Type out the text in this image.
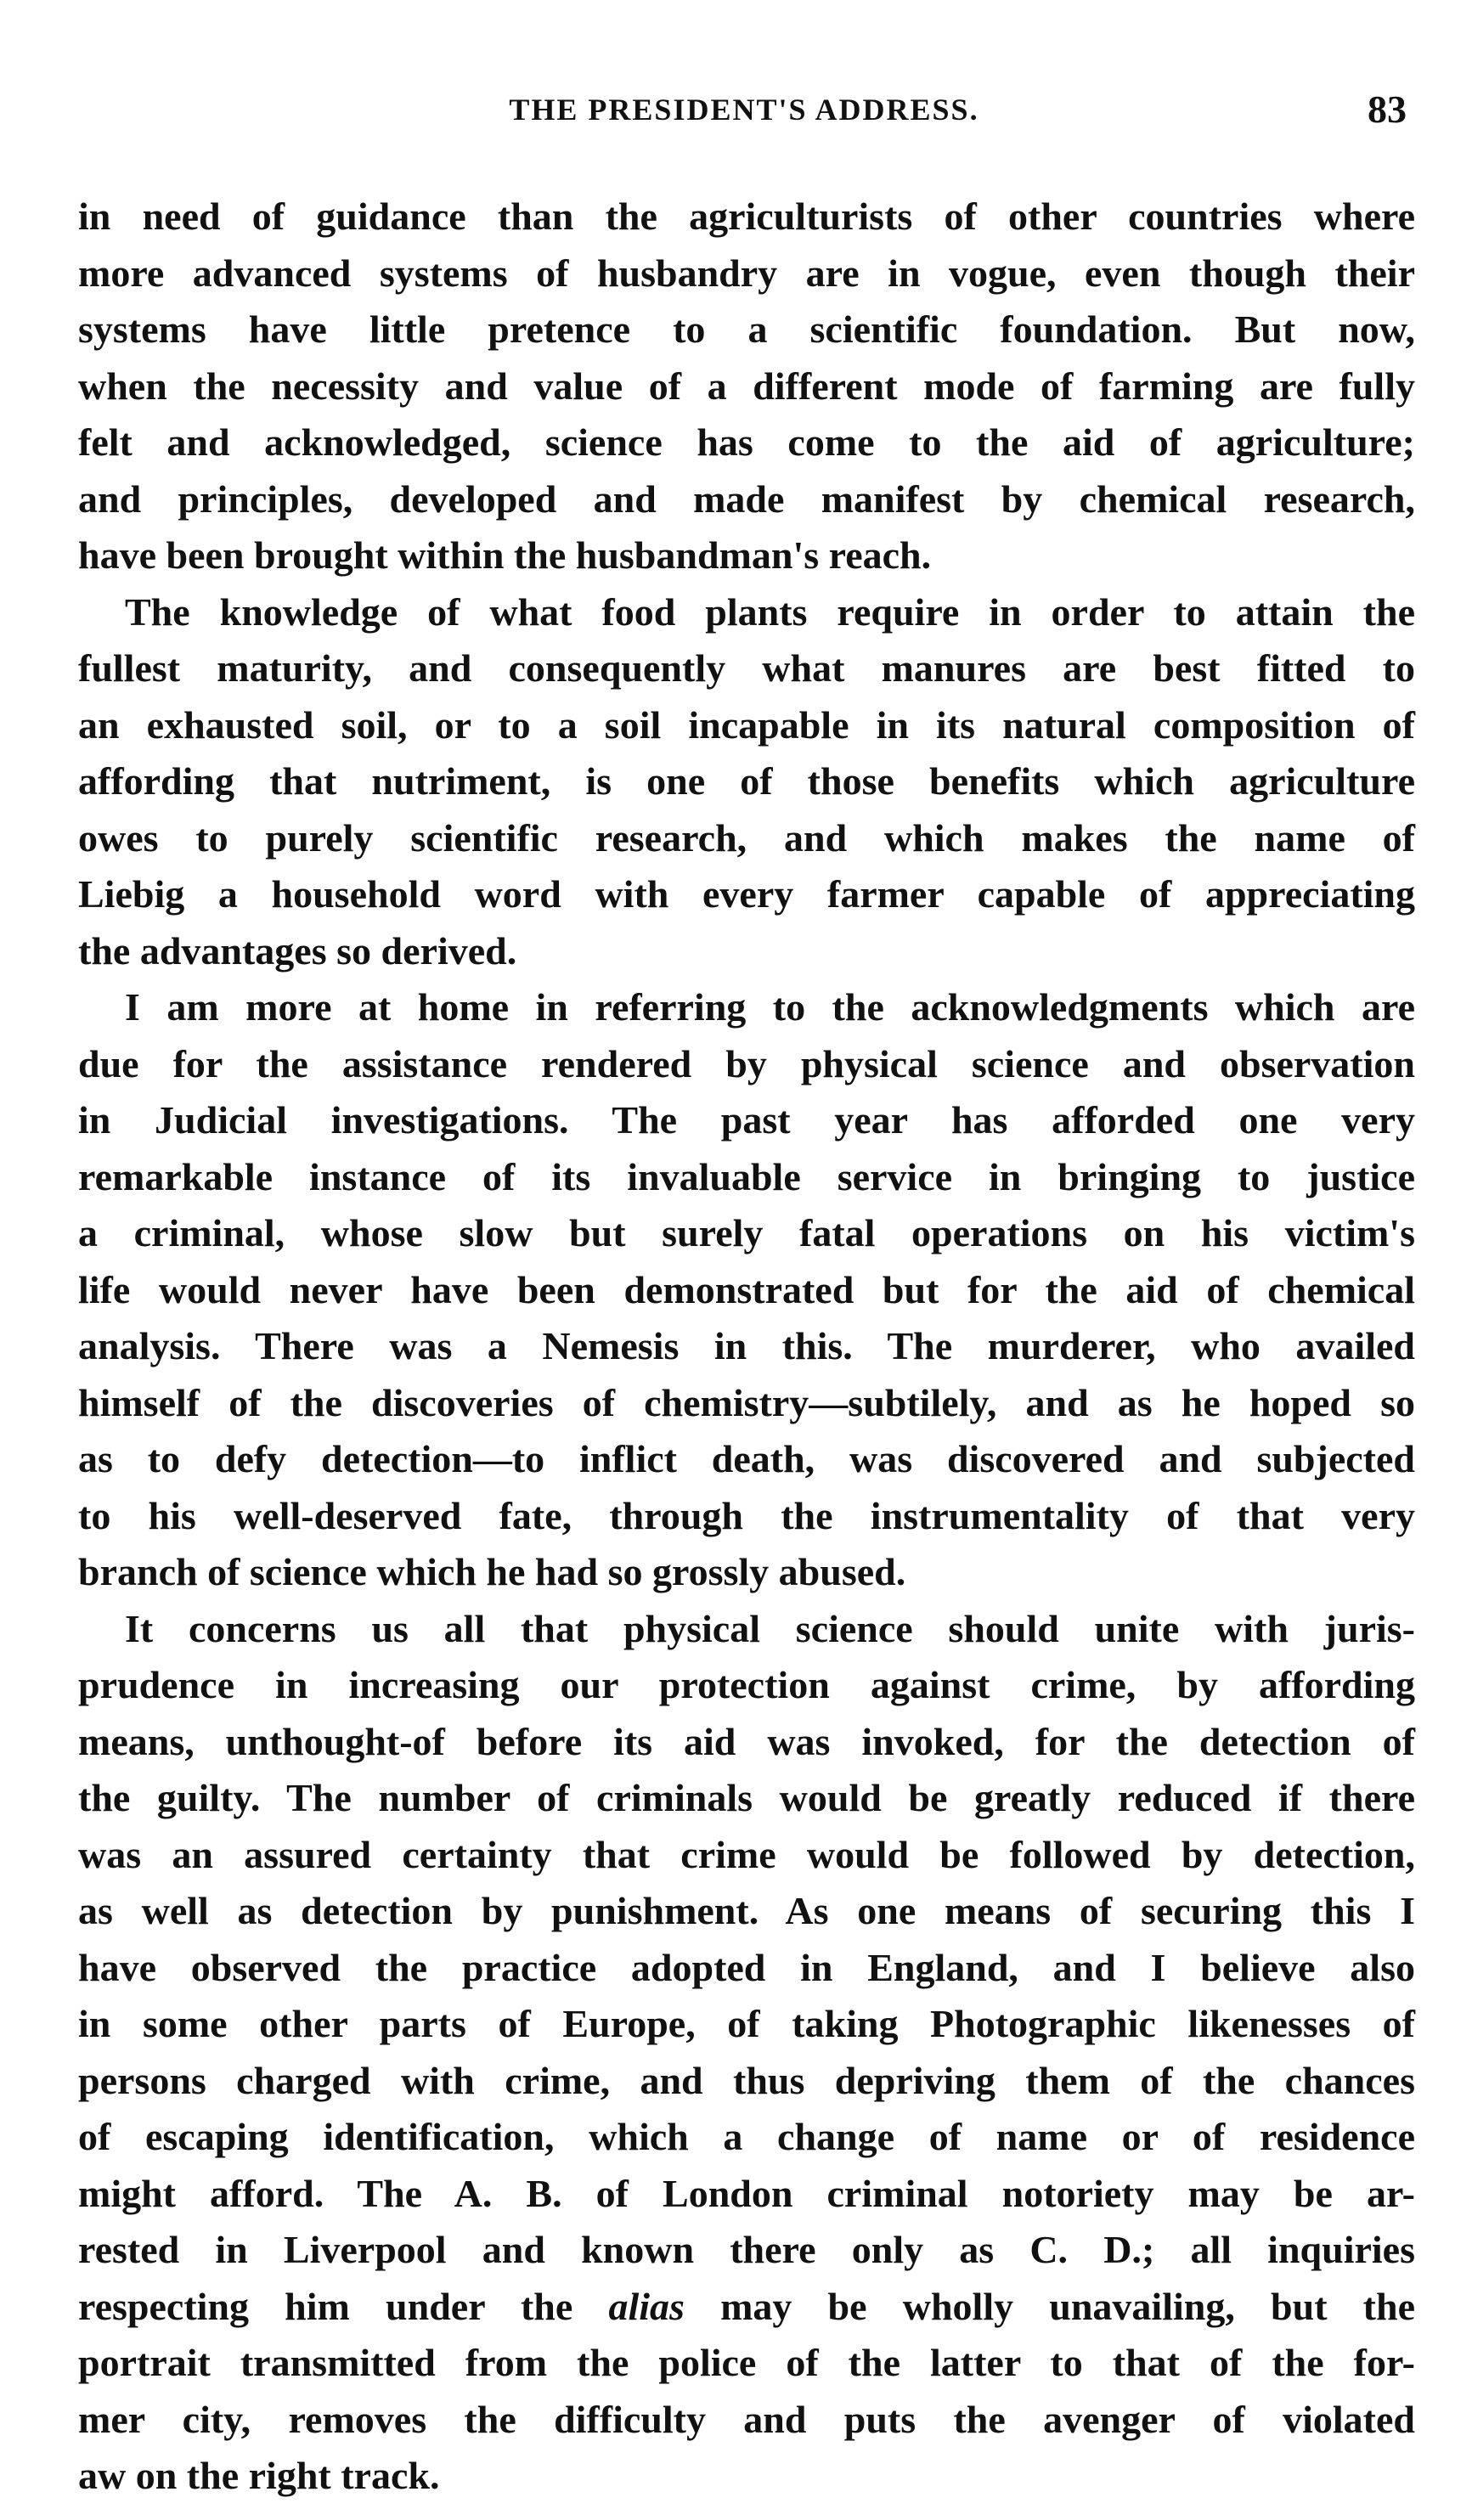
THE PRESIDENT'S ADDRESS.	83

in need of guidance than the agriculturists of other countries where
more advanced systems of husbandry are in vogue, even though their
systems have little pretence to a scientific foundation. But now,
when the necessity and value of a different mode of farming are fully
felt and acknowledged, science has come to the aid of agriculture;
and principles, developed and made manifest by chemical research,
have been brought within the husbandman's reach.

The knowledge of what food plants require in order to attain the
fullest maturity, and consequently what manures are best fitted to
an exhausted soil, or to a soil incapable in its natural composition of
affording that nutriment, is one of those benefits which agriculture
owes to purely scientific research, and which makes the name of
Liebig a household word with every farmer capable of appreciating
the advantages so derived.

I am more at home in referring to the acknowledgments which are
due for the assistance rendered by physical science and observation
in Judicial investigations. The past year has afforded one very
remarkable instance of its invaluable service in bringing to justice
a criminal, whose slow but surely fatal operations on his victim's
life would never have been demonstrated but for the aid of chemical
analysis. There was a Nemesis in this. The murderer, who availed
himself of the discoveries of chemistry—subtilely, and as he hoped so
as to defy detection—to inflict death, was discovered and subjected
to his well-deserved fate, through the instrumentality of that very
branch of science which he had so grossly abused.

It concerns us all that physical science should unite with juris-
prudence in increasing our protection against crime, by affording
means, unthought-of before its aid was invoked, for the detection of
the guilty. The number of criminals would be greatly reduced if there
was an assured certainty that crime would be followed by detection,
as well as detection by punishment. As one means of securing this I
have observed the practice adopted in England, and I believe also
in some other parts of Europe, of taking Photographic likenesses of
persons charged with crime, and thus depriving them of the chances
of escaping identification, which a change of name or of residence
might afford. The A. B. of London criminal notoriety may be ar-
rested in Liverpool and known there only as C. D.; all inquiries
respecting him under the alias may be wholly unavailing, but the
portrait transmitted from the police of the latter to that of the for-
mer city, removes the difficulty and puts the avenger of violated
aw on the right track.
